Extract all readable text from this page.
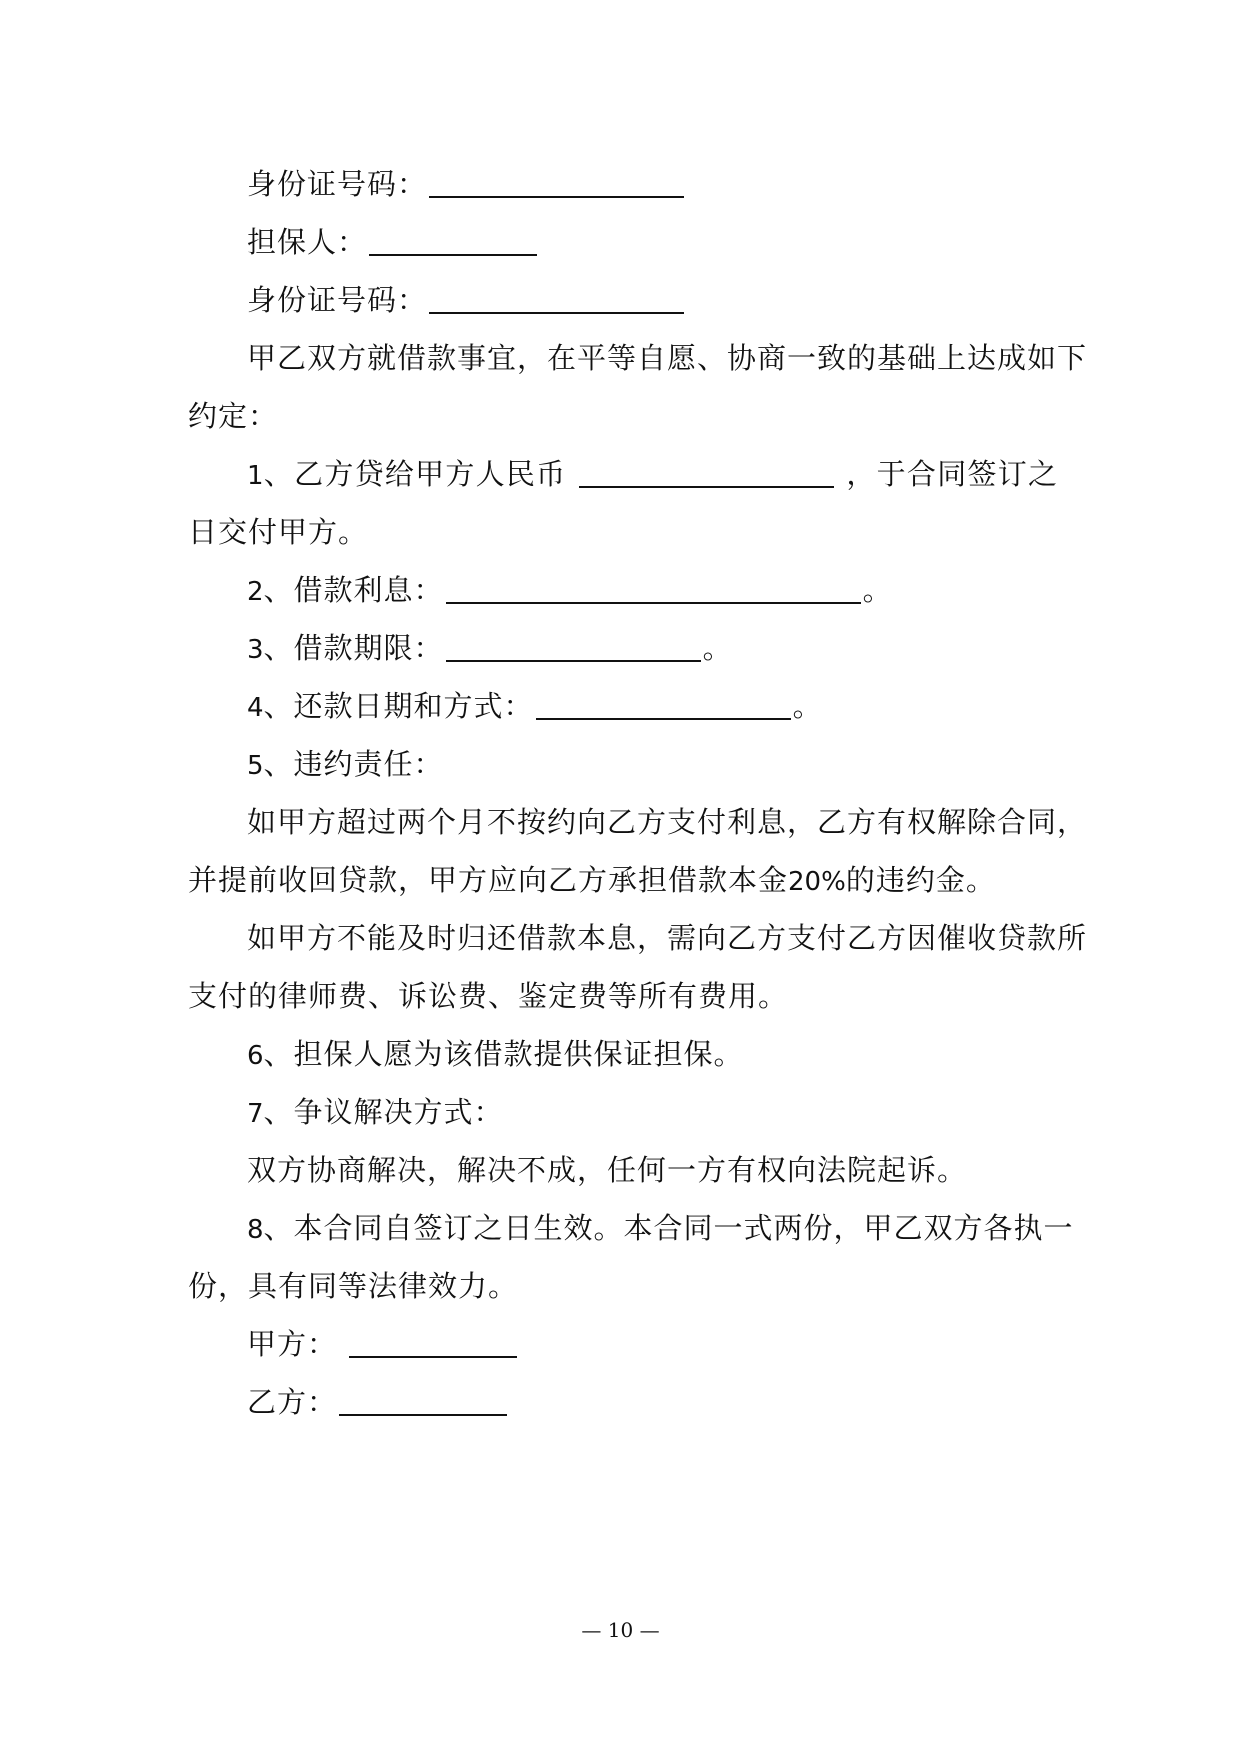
身份证号码：
担保人：
身份证号码：
甲乙双方就借款事宜，在平等自愿、协商一致的基础上达成如下
约定：
1、乙方贷给甲方人民币	，于合同签订之
日交付甲方。
2、借款利息：	。
3、借款期限：	。
4、还款日期和方式：	。
5、违约责任：
如甲方超过两个月不按约向乙方支付利息，乙方有权解除合同，
并提前收回贷款，甲方应向乙方承担借款本金20%的违约金。
如甲方不能及时归还借款本息，需向乙方支付乙方因催收贷款所
支付的律师费、诉讼费、鉴定费等所有费用。
6、担保人愿为该借款提供保证担保。
7、争议解决方式：
双方协商解决，解决不成，任何一方有权向法院起诉。
8、本合同自签订之日生效。本合同一式两份，甲乙双方各执一
份，具有同等法律效力。
甲方：
乙方：
— 10 —
